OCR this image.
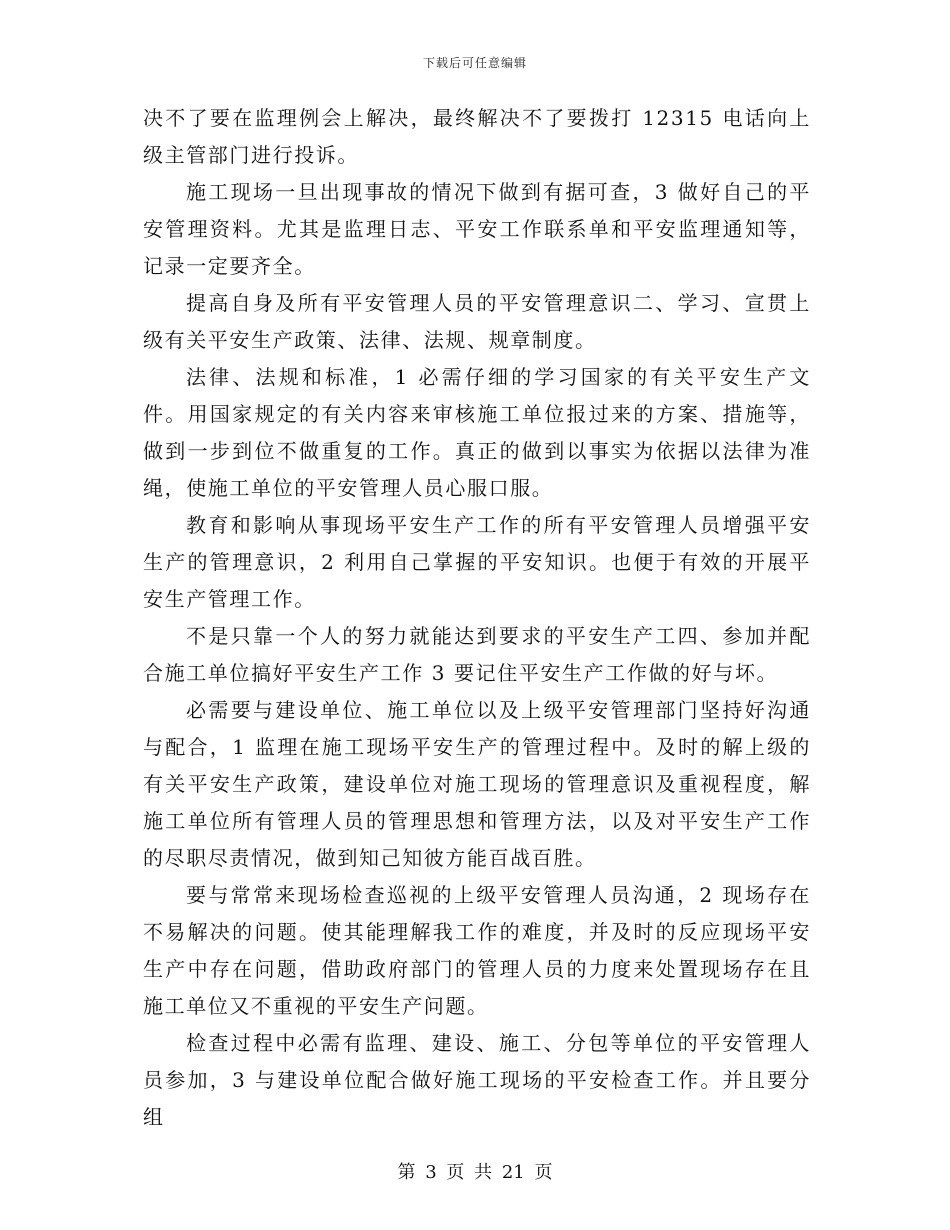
下载后可任意编辑

决不了要在监理例会上解决，最终解决不了要拨打 12315 电话向上级主管部门进行投诉。

施工现场一旦出现事故的情况下做到有据可查，3 做好自己的平安管理资料。尤其是监理日志、平安工作联系单和平安监理通知等，记录一定要齐全。

提高自身及所有平安管理人员的平安管理意识二、学习、宣贯上级有关平安生产政策、法律、法规、规章制度。

法律、法规和标准，1 必需仔细的学习国家的有关平安生产文件。用国家规定的有关内容来审核施工单位报过来的方案、措施等，做到一步到位不做重复的工作。真正的做到以事实为依据以法律为准绳，使施工单位的平安管理人员心服口服。

教育和影响从事现场平安生产工作的所有平安管理人员增强平安生产的管理意识，2 利用自己掌握的平安知识。也便于有效的开展平安生产管理工作。

不是只靠一个人的努力就能达到要求的平安生产工四、参加并配合施工单位搞好平安生产工作 3 要记住平安生产工作做的好与坏。

必需要与建设单位、施工单位以及上级平安管理部门坚持好沟通与配合，1 监理在施工现场平安生产的管理过程中。及时的解上级的有关平安生产政策，建设单位对施工现场的管理意识及重视程度，解施工单位所有管理人员的管理思想和管理方法，以及对平安生产工作的尽职尽责情况，做到知己知彼方能百战百胜。

要与常常来现场检查巡视的上级平安管理人员沟通，2 现场存在不易解决的问题。使其能理解我工作的难度，并及时的反应现场平安生产中存在问题，借助政府部门的管理人员的力度来处置现场存在且施工单位又不重视的平安生产问题。

检查过程中必需有监理、建设、施工、分包等单位的平安管理人员参加，3 与建设单位配合做好施工现场的平安检查工作。并且要分组

第 3 页 共 21 页
